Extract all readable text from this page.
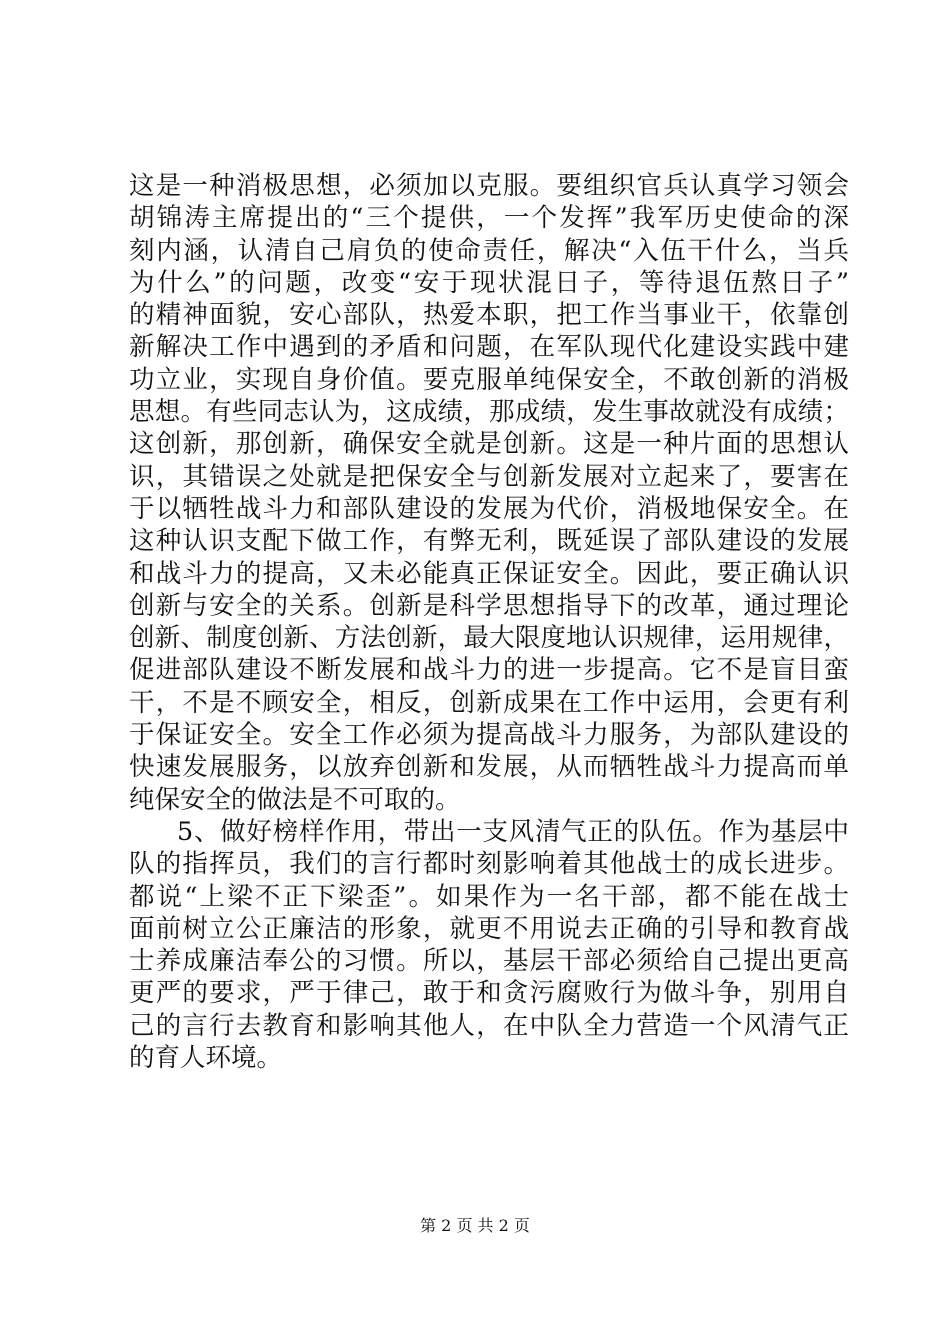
这是一种消极思想，必须加以克服。要组织官兵认真学习领会
胡锦涛主席提出的“三个提供，一个发挥”我军历史使命的深
刻内涵，认清自己肩负的使命责任，解决“入伍干什么，当兵
为什么”的问题，改变“安于现状混日子，等待退伍熬日子”
的精神面貌，安心部队，热爱本职，把工作当事业干，依靠创
新解决工作中遇到的矛盾和问题，在军队现代化建设实践中建
功立业，实现自身价值。要克服单纯保安全，不敢创新的消极
思想。有些同志认为，这成绩，那成绩，发生事故就没有成绩；
这创新，那创新，确保安全就是创新。这是一种片面的思想认
识，其错误之处就是把保安全与创新发展对立起来了，要害在
于以牺牲战斗力和部队建设的发展为代价，消极地保安全。在
这种认识支配下做工作，有弊无利，既延误了部队建设的发展
和战斗力的提高，又未必能真正保证安全。因此，要正确认识
创新与安全的关系。创新是科学思想指导下的改革，通过理论
创新、制度创新、方法创新，最大限度地认识规律，运用规律，
促进部队建设不断发展和战斗力的进一步提高。它不是盲目蛮
干，不是不顾安全，相反，创新成果在工作中运用，会更有利
于保证安全。安全工作必须为提高战斗力服务，为部队建设的
快速发展服务，以放弃创新和发展，从而牺牲战斗力提高而单
纯保安全的做法是不可取的。
5、做好榜样作用，带出一支风清气正的队伍。作为基层中
队的指挥员，我们的言行都时刻影响着其他战士的成长进步。
都说“上梁不正下梁歪”。如果作为一名干部，都不能在战士
面前树立公正廉洁的形象，就更不用说去正确的引导和教育战
士养成廉洁奉公的习惯。所以，基层干部必须给自己提出更高
更严的要求，严于律己，敢于和贪污腐败行为做斗争，别用自
己的言行去教育和影响其他人，在中队全力营造一个风清气正
的育人环境。
第 2 页 共 2 页
